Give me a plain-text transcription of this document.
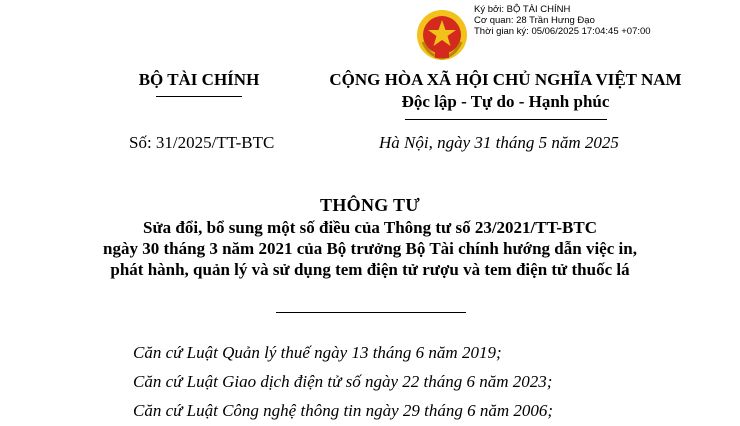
Ký bởi: BỘ TÀI CHÍNH
Cơ quan: 28 Trần Hưng Đạo
Thời gian ký: 05/06/2025 17:04:45 +07:00
BỘ TÀI CHÍNH	CỘNG HÒA XÃ HỘI CHỦ NGHĨA VIỆT NAM
Độc lập - Tự do - Hạnh phúc
Số: 31/2025/TT-BTC	Hà Nội, ngày 31 tháng 5 năm 2025
THÔNG TƯ
Sửa đổi, bổ sung một số điều của Thông tư số 23/2021/TT-BTC
ngày 30 tháng 3 năm 2021 của Bộ trưởng Bộ Tài chính hướng dẫn việc in,
phát hành, quản lý và sử dụng tem điện tử rượu và tem điện tử thuốc lá
Căn cứ Luật Quản lý thuế ngày 13 tháng 6 năm 2019;
Căn cứ Luật Giao dịch điện tử số ngày 22 tháng 6 năm 2023;
Căn cứ Luật Công nghệ thông tin ngày 29 tháng 6 năm 2006;
